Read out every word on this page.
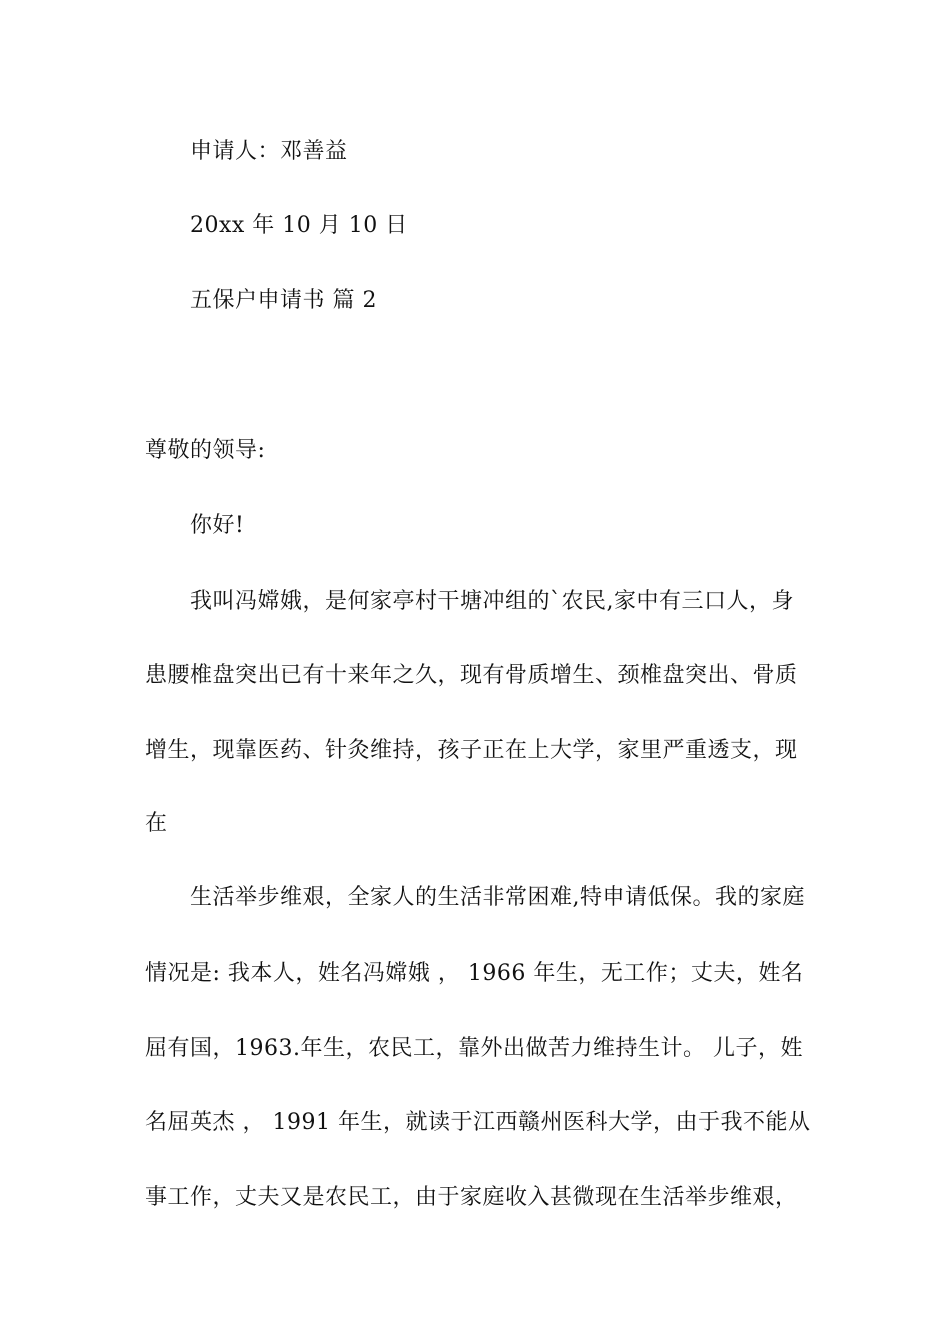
申请人：邓善益
20xx 年 10 月 10 日
五保户申请书 篇 2
尊敬的领导:
你好!
我叫冯嫦娥，是何家亭村干塘冲组的`农民,家中有三口人，身
患腰椎盘突出已有十来年之久，现有骨质增生、颈椎盘突出、骨质
增生，现靠医药、针灸维持，孩子正在上大学，家里严重透支，现
在
生活举步维艰，全家人的生活非常困难,特申请低保。我的家庭
情况是: 我本人，姓名冯嫦娥 ， 1966 年生，无工作；丈夫，姓名
屈有国，1963.年生，农民工，靠外出做苦力维持生计。 儿子，姓
名屈英杰 ， 1991 年生，就读于江西赣州医科大学，由于我不能从
事工作，丈夫又是农民工，由于家庭收入甚微现在生活举步维艰，
